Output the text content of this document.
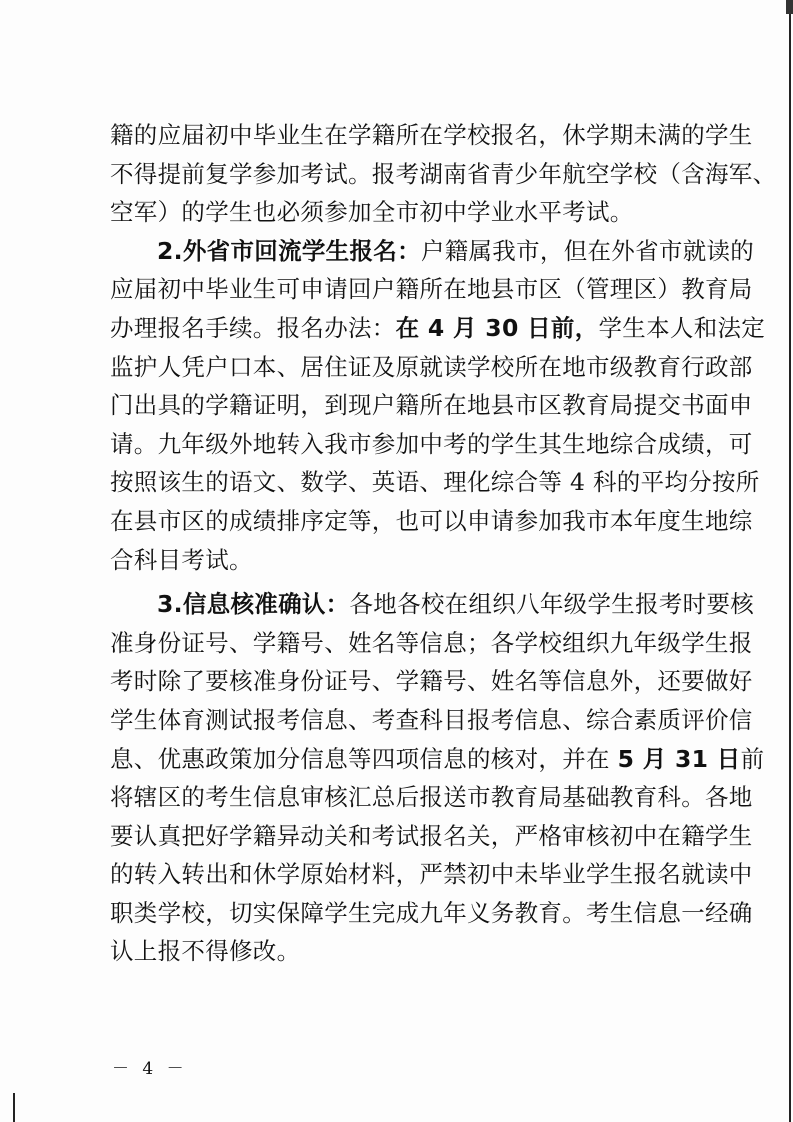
籍的应届初中毕业生在学籍所在学校报名，休学期未满的学生
不得提前复学参加考试。报考湖南省青少年航空学校（含海军、
空军）的学生也必须参加全市初中学业水平考试。
2.外省市回流学生报名：户籍属我市，但在外省市就读的
应届初中毕业生可申请回户籍所在地县市区（管理区）教育局
办理报名手续。报名办法：在 4 月 30 日前，学生本人和法定
监护人凭户口本、居住证及原就读学校所在地市级教育行政部
门出具的学籍证明，到现户籍所在地县市区教育局提交书面申
请。九年级外地转入我市参加中考的学生其生地综合成绩，可
按照该生的语文、数学、英语、理化综合等 4 科的平均分按所
在县市区的成绩排序定等，也可以申请参加我市本年度生地综
合科目考试。
3.信息核准确认：各地各校在组织八年级学生报考时要核
准身份证号、学籍号、姓名等信息；各学校组织九年级学生报
考时除了要核准身份证号、学籍号、姓名等信息外，还要做好
学生体育测试报考信息、考查科目报考信息、综合素质评价信
息、优惠政策加分信息等四项信息的核对，并在 5 月 31 日前
将辖区的考生信息审核汇总后报送市教育局基础教育科。各地
要认真把好学籍异动关和考试报名关，严格审核初中在籍学生
的转入转出和休学原始材料，严禁初中未毕业学生报名就读中
职类学校，切实保障学生完成九年义务教育。考生信息一经确
认上报不得修改。
－ 4 －
